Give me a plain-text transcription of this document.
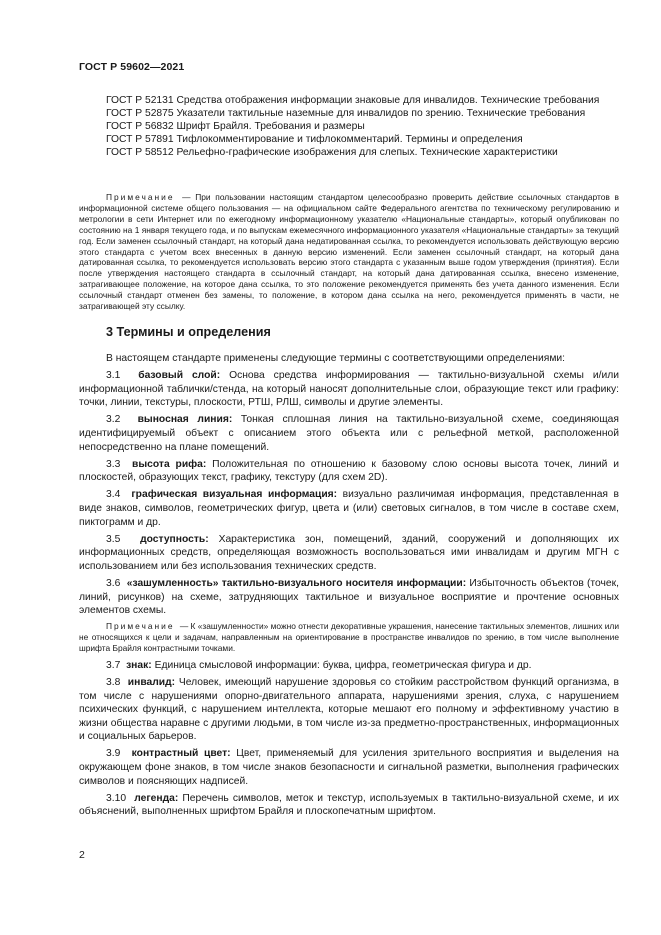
ГОСТ Р 59602—2021

ГОСТ Р 52131 Средства отображения информации знаковые для инвалидов. Технические требования

ГОСТ Р 52875 Указатели тактильные наземные для инвалидов по зрению. Технические требования

ГОСТ Р 56832 Шрифт Брайля. Требования и размеры

ГОСТ Р 57891 Тифлокомментирование и тифлокомментарий. Термины и определения

ГОСТ Р 58512 Рельефно-графические изображения для слепых. Технические характеристики

Примечание — При пользовании настоящим стандартом целесообразно проверить действие ссылочных стандартов в информационной системе общего пользования — на официальном сайте Федерального агентства по техническому регулированию и метрологии в сети Интернет или по ежегодному информационному указателю «Национальные стандарты», который опубликован по состоянию на 1 января текущего года, и по выпускам ежемесячного информационного указателя «Национальные стандарты» за текущий год. Если заменен ссылочный стандарт, на который дана недатированная ссылка, то рекомендуется использовать действующую версию этого стандарта с учетом всех внесенных в данную версию изменений. Если заменен ссылочный стандарт, на который дана датированная ссылка, то рекомендуется использовать версию этого стандарта с указанным выше годом утверждения (принятия). Если после утверждения настоящего стандарта в ссылочный стандарт, на который дана датированная ссылка, внесено изменение, затрагивающее положение, на которое дана ссылка, то это положение рекомендуется применять без учета данного изменения. Если ссылочный стандарт отменен без замены, то положение, в котором дана ссылка на него, рекомендуется применять в части, не затрагивающей эту ссылку.

3 Термины и определения

В настоящем стандарте применены следующие термины с соответствующими определениями:

3.1 базовый слой: Основа средства информирования — тактильно-визуальной схемы и/или информационной таблички/стенда, на который наносят дополнительные слои, образующие текст или графику: точки, линии, текстуры, плоскости, РТШ, РЛШ, символы и другие элементы.

3.2 выносная линия: Тонкая сплошная линия на тактильно-визуальной схеме, соединяющая идентифицируемый объект с описанием этого объекта или с рельефной меткой, расположенной непосредственно на плане помещений.

3.3 высота рифа: Положительная по отношению к базовому слою основы высота точек, линий и плоскостей, образующих текст, графику, текстуру (для схем 2D).

3.4 графическая визуальная информация: визуально различимая информация, представленная в виде знаков, символов, геометрических фигур, цвета и (или) световых сигналов, в том числе в составе схем, пиктограмм и др.

3.5 доступность: Характеристика зон, помещений, зданий, сооружений и дополняющих их информационных средств, определяющая возможность воспользоваться ими инвалидам и другим МГН с использованием или без использования технических средств.

3.6 «зашумленность» тактильно-визуального носителя информации: Избыточность объектов (точек, линий, рисунков) на схеме, затрудняющих тактильное и визуальное восприятие и прочтение основных элементов схемы.

Примечание — К «зашумленности» можно отнести декоративные украшения, нанесение тактильных элементов, лишних или не относящихся к цели и задачам, направленным на ориентирование в пространстве инвалидов по зрению, в том числе выполнение шрифта Брайля контрастными точками.

3.7 знак: Единица смысловой информации: буква, цифра, геометрическая фигура и др.

3.8 инвалид: Человек, имеющий нарушение здоровья со стойким расстройством функций организма, в том числе с нарушениями опорно-двигательного аппарата, нарушениями зрения, слуха, с нарушением психических функций, с нарушением интеллекта, которые мешают его полному и эффективному участию в жизни общества наравне с другими людьми, в том числе из-за предметно-пространственных, информационных и социальных барьеров.

3.9 контрастный цвет: Цвет, применяемый для усиления зрительного восприятия и выделения на окружающем фоне знаков, в том числе знаков безопасности и сигнальной разметки, выполнения графических символов и поясняющих надписей.

3.10 легенда: Перечень символов, меток и текстур, используемых в тактильно-визуальной схеме, и их объяснений, выполненных шрифтом Брайля и плоскопечатным шрифтом.

2
